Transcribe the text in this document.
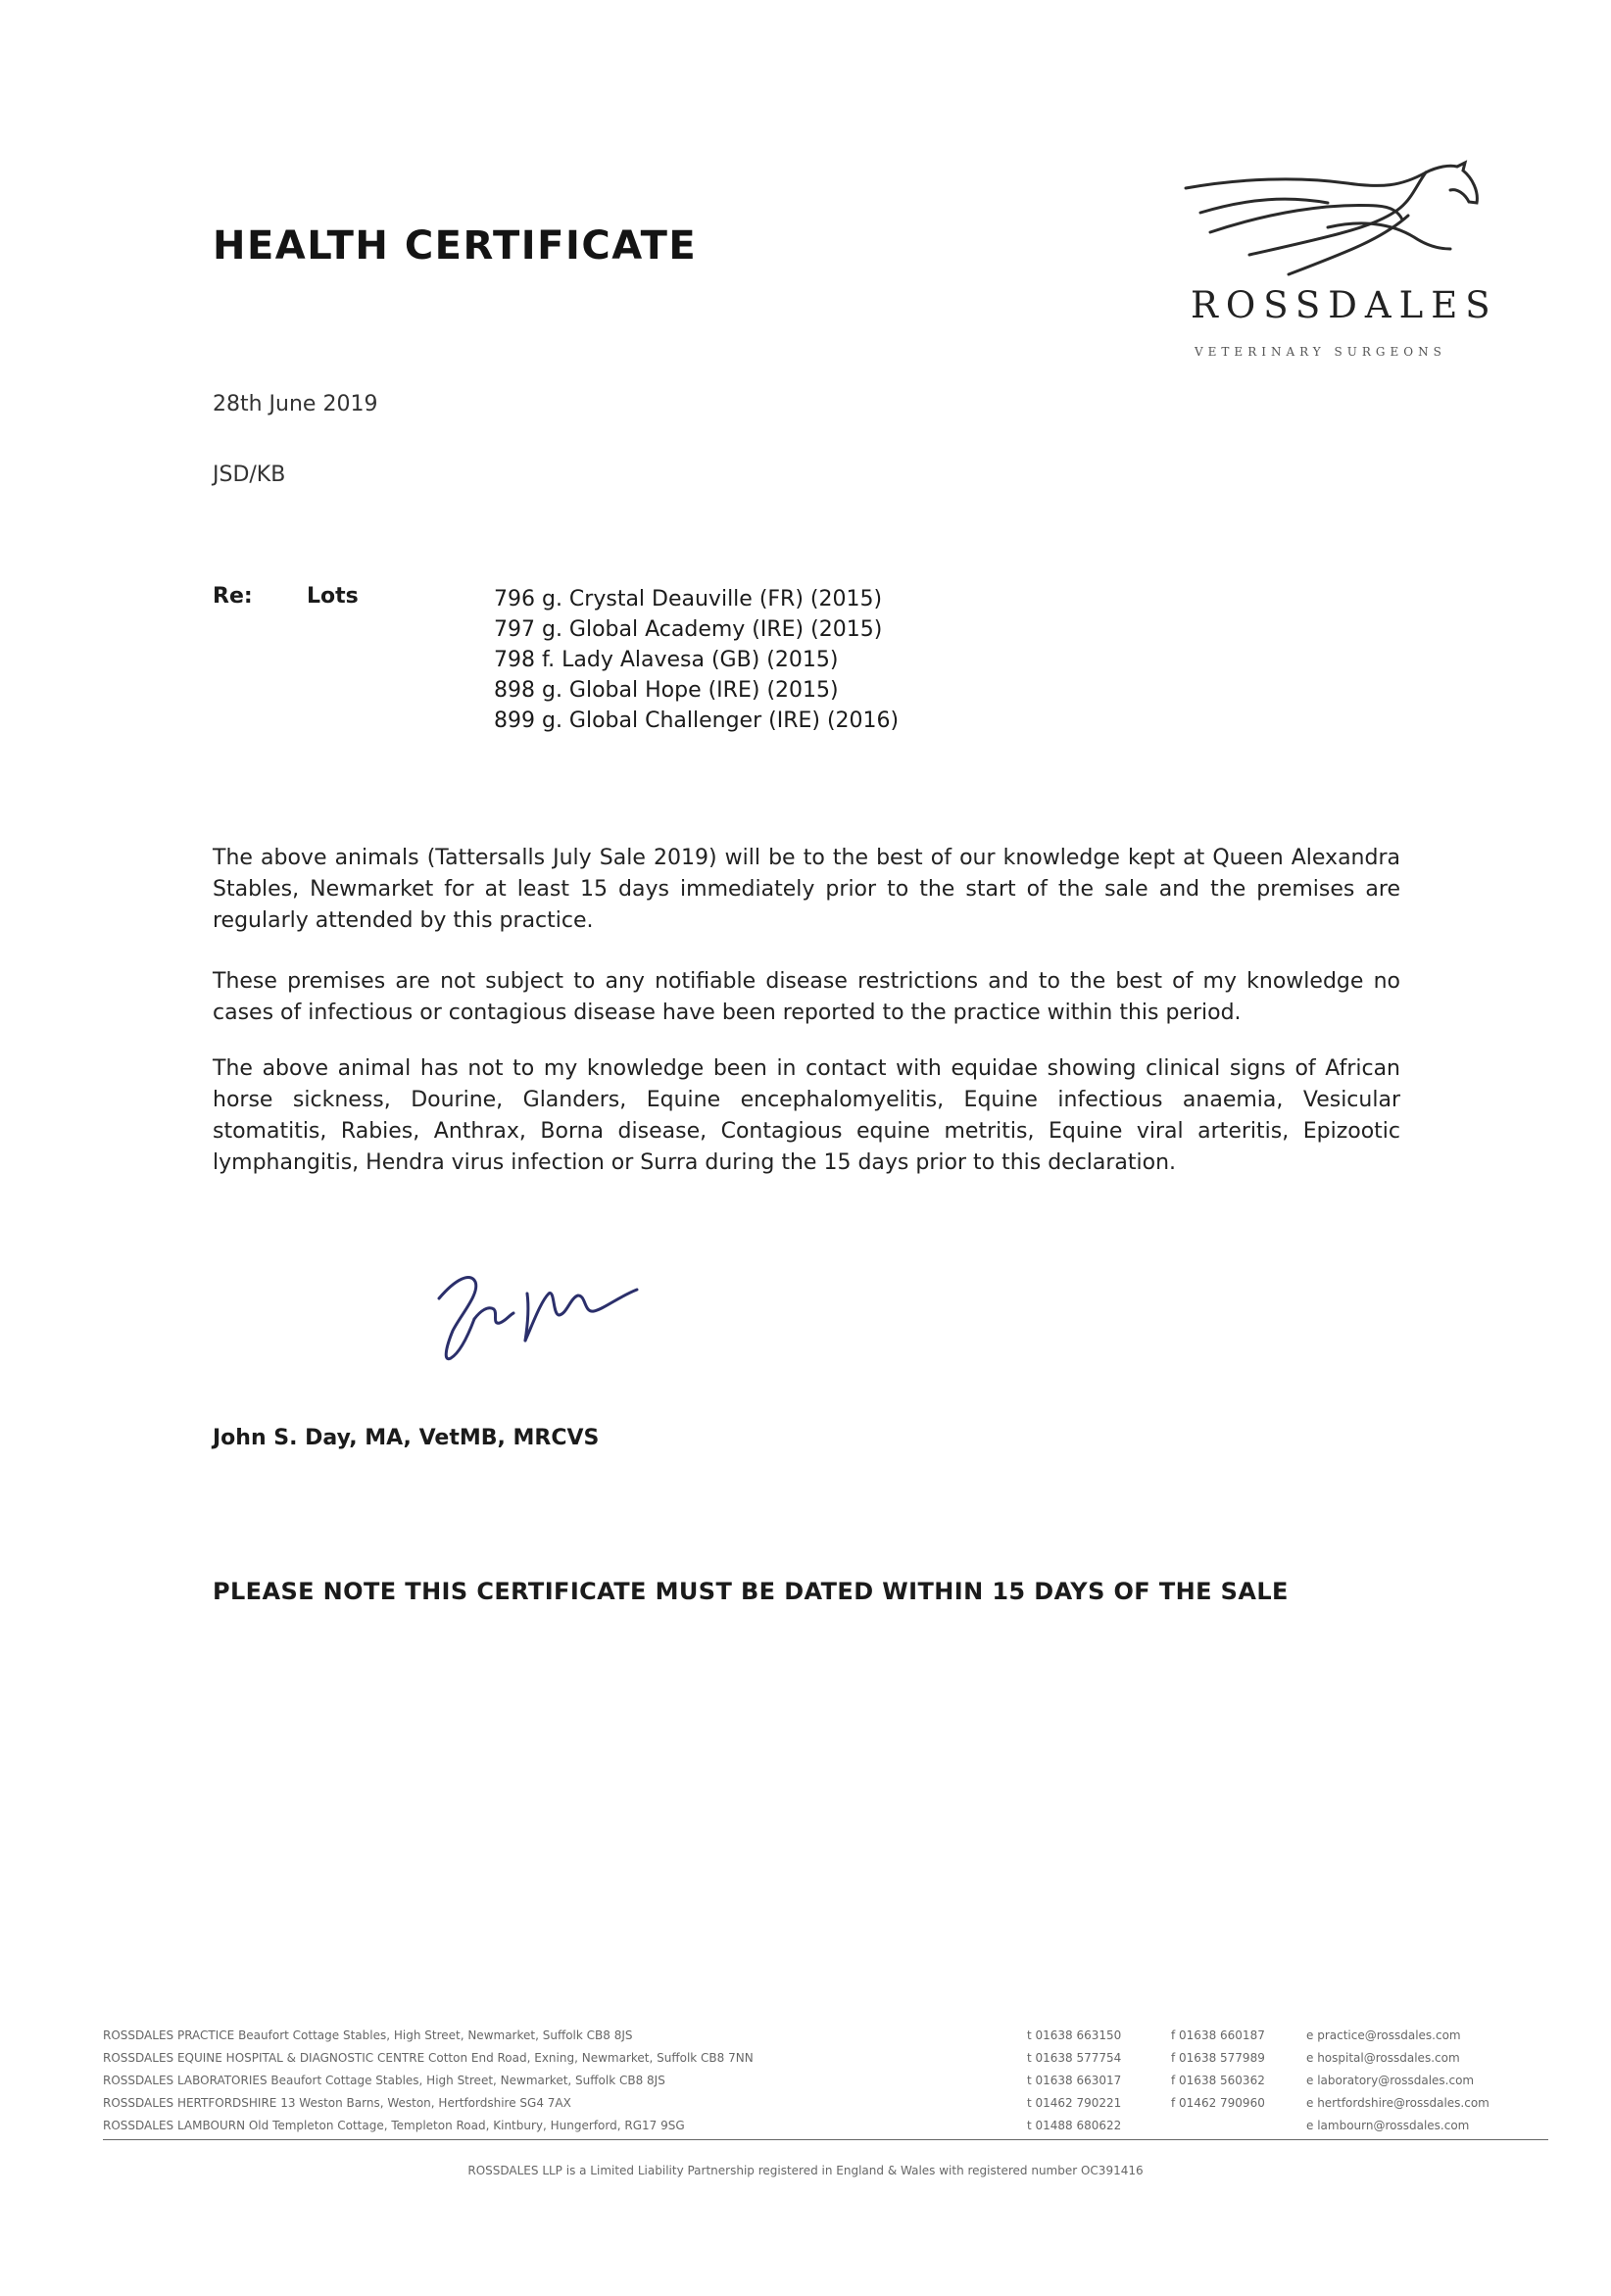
HEALTH CERTIFICATE
ROSSDALES
VETERINARY SURGEONS
28th June 2019
JSD/KB
Re:	Lots	796 g. Crystal Deauville (FR) (2015)
797 g. Global Academy (IRE) (2015)
798 f. Lady Alavesa (GB) (2015)
898 g. Global Hope (IRE) (2015)
899 g. Global Challenger (IRE) (2016)
The above animals (Tattersalls July Sale 2019) will be to the best of our knowledge kept at Queen Alexandra Stables, Newmarket for at least 15 days immediately prior to the start of the sale and the premises are regularly attended by this practice.
These premises are not subject to any notifiable disease restrictions and to the best of my knowledge no cases of infectious or contagious disease have been reported to the practice within this period.
The above animal has not to my knowledge been in contact with equidae showing clinical signs of African horse sickness, Dourine, Glanders, Equine encephalomyelitis, Equine infectious anaemia, Vesicular stomatitis, Rabies, Anthrax, Borna disease, Contagious equine metritis, Equine viral arteritis, Epizootic lymphangitis, Hendra virus infection or Surra during the 15 days prior to this declaration.
John S. Day, MA, VetMB, MRCVS
PLEASE NOTE THIS CERTIFICATE MUST BE DATED WITHIN 15 DAYS OF THE SALE
ROSSDALES PRACTICE Beaufort Cottage Stables, High Street, Newmarket, Suffolk CB8 8JS	t 01638 663150	f 01638 660187	e practice@rossdales.com
ROSSDALES EQUINE HOSPITAL & DIAGNOSTIC CENTRE Cotton End Road, Exning, Newmarket, Suffolk CB8 7NN	t 01638 577754	f 01638 577989	e hospital@rossdales.com
ROSSDALES LABORATORIES Beaufort Cottage Stables, High Street, Newmarket, Suffolk CB8 8JS	t 01638 663017	f 01638 560362	e laboratory@rossdales.com
ROSSDALES HERTFORDSHIRE 13 Weston Barns, Weston, Hertfordshire SG4 7AX	t 01462 790221	f 01462 790960	e hertfordshire@rossdales.com
ROSSDALES LAMBOURN Old Templeton Cottage, Templeton Road, Kintbury, Hungerford, RG17 9SG	t 01488 680622	e lambourn@rossdales.com
ROSSDALES LLP is a Limited Liability Partnership registered in England & Wales with registered number OC391416
